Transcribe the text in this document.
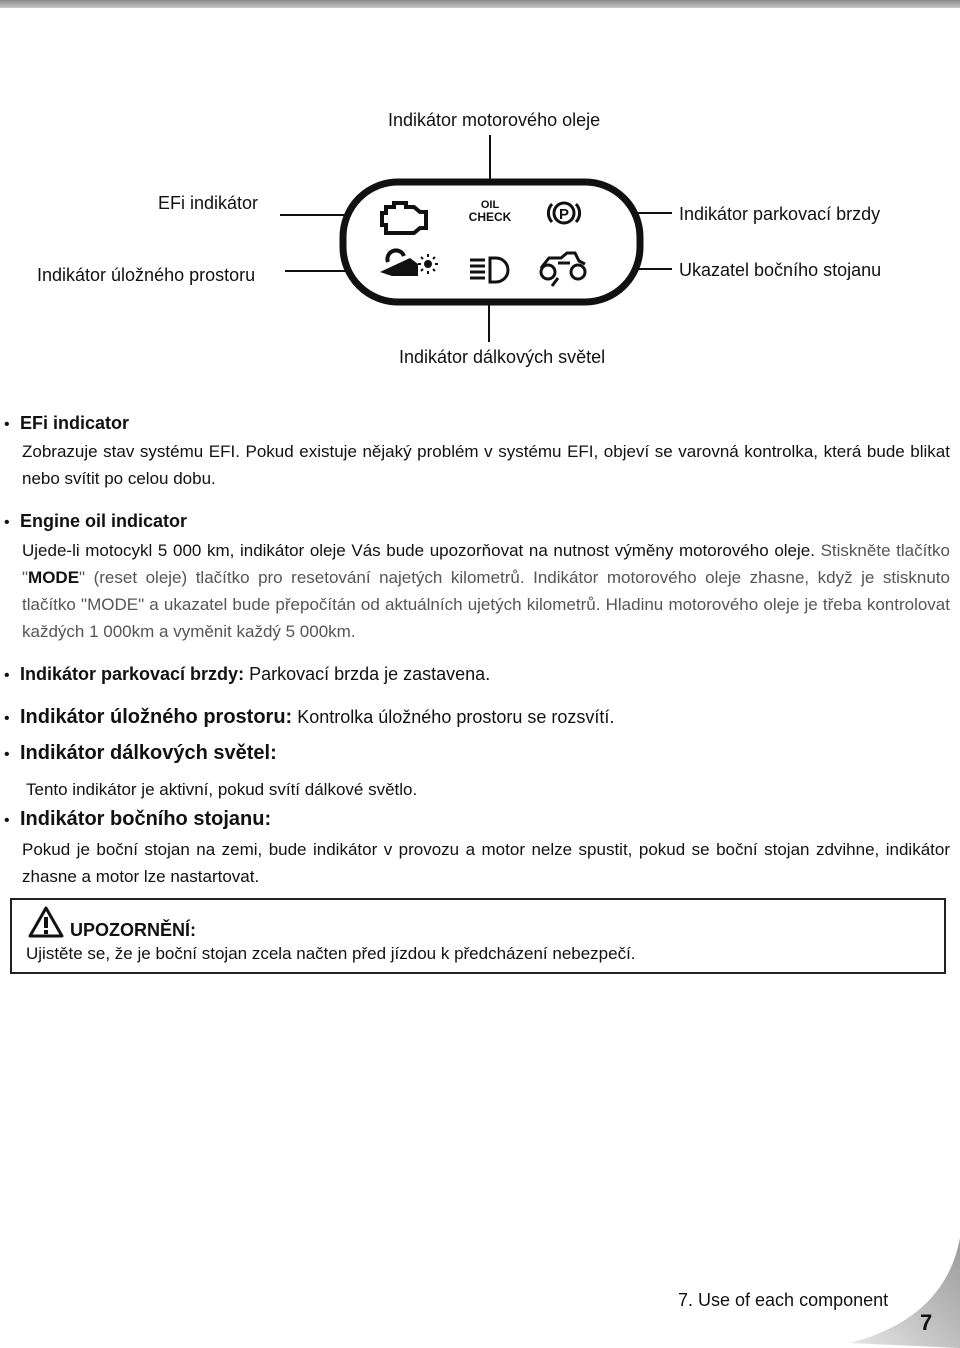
OIL
CHECK	P
Indikátor motorového oleje
EFi indikátor
Indikátor parkovací brzdy
Indikátor úložného prostoru	Ukazatel bočního stojanu
Indikátor dálkových světel
• EFi indicator
Zobrazuje stav systému EFI. Pokud existuje nějaký problém v systému EFI, objeví se varovná kontrolka, která bude blikat nebo svítit po celou dobu.
• Engine oil indicator
Ujede-li motocykl 5 000 km, indikátor oleje Vás bude upozorňovat na nutnost výměny motorového oleje. Stiskněte tlačítko "MODE" (reset oleje) tlačítko pro resetování najetých kilometrů. Indikátor motorového oleje zhasne, když je stisknuto tlačítko "MODE" a ukazatel bude přepočítán od aktuálních ujetých kilometrů. Hladinu motorového oleje je třeba kontrolovat každých 1 000km a vyměnit každý 5 000km.
• Indikátor parkovací brzdy: Parkovací brzda je zastavena.
• Indikátor úložného prostoru: Kontrolka úložného prostoru se rozsvítí.
• Indikátor dálkových světel:
Tento indikátor je aktivní, pokud svítí dálkové světlo.
• Indikátor bočního stojanu:
Pokud je boční stojan na zemi, bude indikátor v provozu a motor nelze spustit, pokud se boční stojan zdvihne, indikátor zhasne a motor lze nastartovat.
UPOZORNĚNÍ:
Ujistěte se, že je boční stojan zcela načten před jízdou k předcházení nebezpečí.
7. Use of each component
7
